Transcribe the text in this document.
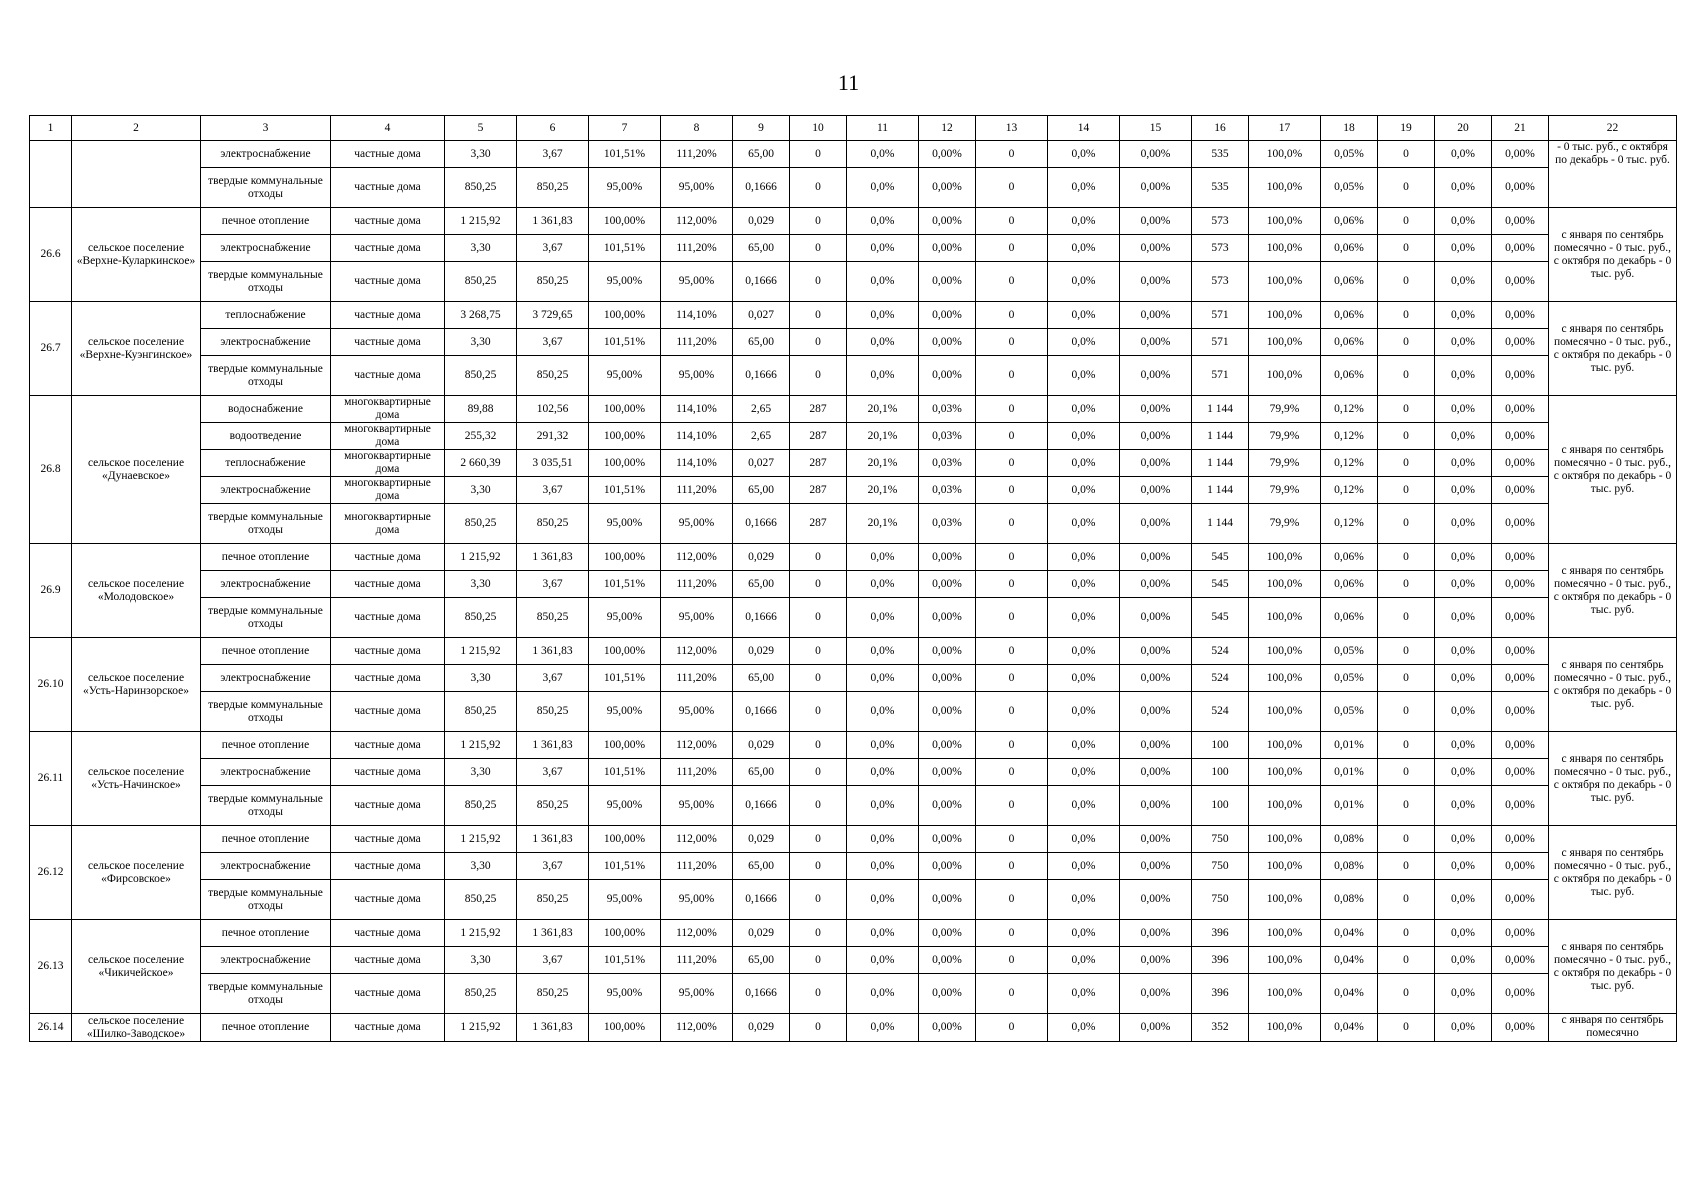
11
1	2	3	4	5	6	7	8	9	10	11	12	13	14	15	16	17	18	19	20	21	22
		электроснабжение	частные дома	3,30	3,67	101,51%	111,20%	65,00	0	0,0%	0,00%	0	0,0%	0,00%	535	100,0%	0,05%	0	0,0%	0,00%	- 0 тыс. руб., с октября по декабрь - 0 тыс. руб.
		твердые коммунальные отходы	частные дома	850,25	850,25	95,00%	95,00%	0,1666	0	0,0%	0,00%	0	0,0%	0,00%	535	100,0%	0,05%	0	0,0%	0,00%	
26.6	сельское поселение «Верхне-Куларкинское»	печное отопление	частные дома	1 215,92	1 361,83	100,00%	112,00%	0,029	0	0,0%	0,00%	0	0,0%	0,00%	573	100,0%	0,06%	0	0,0%	0,00%	с января по сентябрь помесячно - 0 тыс. руб., с октября по декабрь - 0 тыс. руб.
		электроснабжение	частные дома	3,30	3,67	101,51%	111,20%	65,00	0	0,0%	0,00%	0	0,0%	0,00%	573	100,0%	0,06%	0	0,0%	0,00%	
		твердые коммунальные отходы	частные дома	850,25	850,25	95,00%	95,00%	0,1666	0	0,0%	0,00%	0	0,0%	0,00%	573	100,0%	0,06%	0	0,0%	0,00%	
26.7	сельское поселение «Верхне-Куэнгинское»	теплоснабжение	частные дома	3 268,75	3 729,65	100,00%	114,10%	0,027	0	0,0%	0,00%	0	0,0%	0,00%	571	100,0%	0,06%	0	0,0%	0,00%	с января по сентябрь помесячно - 0 тыс. руб., с октября по декабрь - 0 тыс. руб.
		электроснабжение	частные дома	3,30	3,67	101,51%	111,20%	65,00	0	0,0%	0,00%	0	0,0%	0,00%	571	100,0%	0,06%	0	0,0%	0,00%	
		твердые коммунальные отходы	частные дома	850,25	850,25	95,00%	95,00%	0,1666	0	0,0%	0,00%	0	0,0%	0,00%	571	100,0%	0,06%	0	0,0%	0,00%	
26.8	сельское поселение «Дунаевское»	водоснабжение	многоквартирные дома	89,88	102,56	100,00%	114,10%	2,65	287	20,1%	0,03%	0	0,0%	0,00%	1 144	79,9%	0,12%	0	0,0%	0,00%	с января по сентябрь помесячно - 0 тыс. руб., с октября по декабрь - 0 тыс. руб.
		водоотведение	многоквартирные дома	255,32	291,32	100,00%	114,10%	2,65	287	20,1%	0,03%	0	0,0%	0,00%	1 144	79,9%	0,12%	0	0,0%	0,00%	
		теплоснабжение	многоквартирные дома	2 660,39	3 035,51	100,00%	114,10%	0,027	287	20,1%	0,03%	0	0,0%	0,00%	1 144	79,9%	0,12%	0	0,0%	0,00%	
		электроснабжение	многоквартирные дома	3,30	3,67	101,51%	111,20%	65,00	287	20,1%	0,03%	0	0,0%	0,00%	1 144	79,9%	0,12%	0	0,0%	0,00%	
		твердые коммунальные отходы	многоквартирные дома	850,25	850,25	95,00%	95,00%	0,1666	287	20,1%	0,03%	0	0,0%	0,00%	1 144	79,9%	0,12%	0	0,0%	0,00%	
26.9	сельское поселение «Молодовское»	печное отопление	частные дома	1 215,92	1 361,83	100,00%	112,00%	0,029	0	0,0%	0,00%	0	0,0%	0,00%	545	100,0%	0,06%	0	0,0%	0,00%	с января по сентябрь помесячно - 0 тыс. руб., с октября по декабрь - 0 тыс. руб.
		электроснабжение	частные дома	3,30	3,67	101,51%	111,20%	65,00	0	0,0%	0,00%	0	0,0%	0,00%	545	100,0%	0,06%	0	0,0%	0,00%	
		твердые коммунальные отходы	частные дома	850,25	850,25	95,00%	95,00%	0,1666	0	0,0%	0,00%	0	0,0%	0,00%	545	100,0%	0,06%	0	0,0%	0,00%	
26.10	сельское поселение «Усть-Наринзорское»	печное отопление	частные дома	1 215,92	1 361,83	100,00%	112,00%	0,029	0	0,0%	0,00%	0	0,0%	0,00%	524	100,0%	0,05%	0	0,0%	0,00%	с января по сентябрь помесячно - 0 тыс. руб., с октября по декабрь - 0 тыс. руб.
		электроснабжение	частные дома	3,30	3,67	101,51%	111,20%	65,00	0	0,0%	0,00%	0	0,0%	0,00%	524	100,0%	0,05%	0	0,0%	0,00%	
		твердые коммунальные отходы	частные дома	850,25	850,25	95,00%	95,00%	0,1666	0	0,0%	0,00%	0	0,0%	0,00%	524	100,0%	0,05%	0	0,0%	0,00%	
26.11	сельское поселение «Усть-Начинское»	печное отопление	частные дома	1 215,92	1 361,83	100,00%	112,00%	0,029	0	0,0%	0,00%	0	0,0%	0,00%	100	100,0%	0,01%	0	0,0%	0,00%	с января по сентябрь помесячно - 0 тыс. руб., с октября по декабрь - 0 тыс. руб.
		электроснабжение	частные дома	3,30	3,67	101,51%	111,20%	65,00	0	0,0%	0,00%	0	0,0%	0,00%	100	100,0%	0,01%	0	0,0%	0,00%	
		твердые коммунальные отходы	частные дома	850,25	850,25	95,00%	95,00%	0,1666	0	0,0%	0,00%	0	0,0%	0,00%	100	100,0%	0,01%	0	0,0%	0,00%	
26.12	сельское поселение «Фирсовское»	печное отопление	частные дома	1 215,92	1 361,83	100,00%	112,00%	0,029	0	0,0%	0,00%	0	0,0%	0,00%	750	100,0%	0,08%	0	0,0%	0,00%	с января по сентябрь помесячно - 0 тыс. руб., с октября по декабрь - 0 тыс. руб.
		электроснабжение	частные дома	3,30	3,67	101,51%	111,20%	65,00	0	0,0%	0,00%	0	0,0%	0,00%	750	100,0%	0,08%	0	0,0%	0,00%	
		твердые коммунальные отходы	частные дома	850,25	850,25	95,00%	95,00%	0,1666	0	0,0%	0,00%	0	0,0%	0,00%	750	100,0%	0,08%	0	0,0%	0,00%	
26.13	сельское поселение «Чикичейское»	печное отопление	частные дома	1 215,92	1 361,83	100,00%	112,00%	0,029	0	0,0%	0,00%	0	0,0%	0,00%	396	100,0%	0,04%	0	0,0%	0,00%	с января по сентябрь помесячно - 0 тыс. руб., с октября по декабрь - 0 тыс. руб.
		электроснабжение	частные дома	3,30	3,67	101,51%	111,20%	65,00	0	0,0%	0,00%	0	0,0%	0,00%	396	100,0%	0,04%	0	0,0%	0,00%	
		твердые коммунальные отходы	частные дома	850,25	850,25	95,00%	95,00%	0,1666	0	0,0%	0,00%	0	0,0%	0,00%	396	100,0%	0,04%	0	0,0%	0,00%	
26.14	сельское поселение «Шилко-Заводское»	печное отопление	частные дома	1 215,92	1 361,83	100,00%	112,00%	0,029	0	0,0%	0,00%	0	0,0%	0,00%	352	100,0%	0,04%	0	0,0%	0,00%	с января по сентябрь помесячно
